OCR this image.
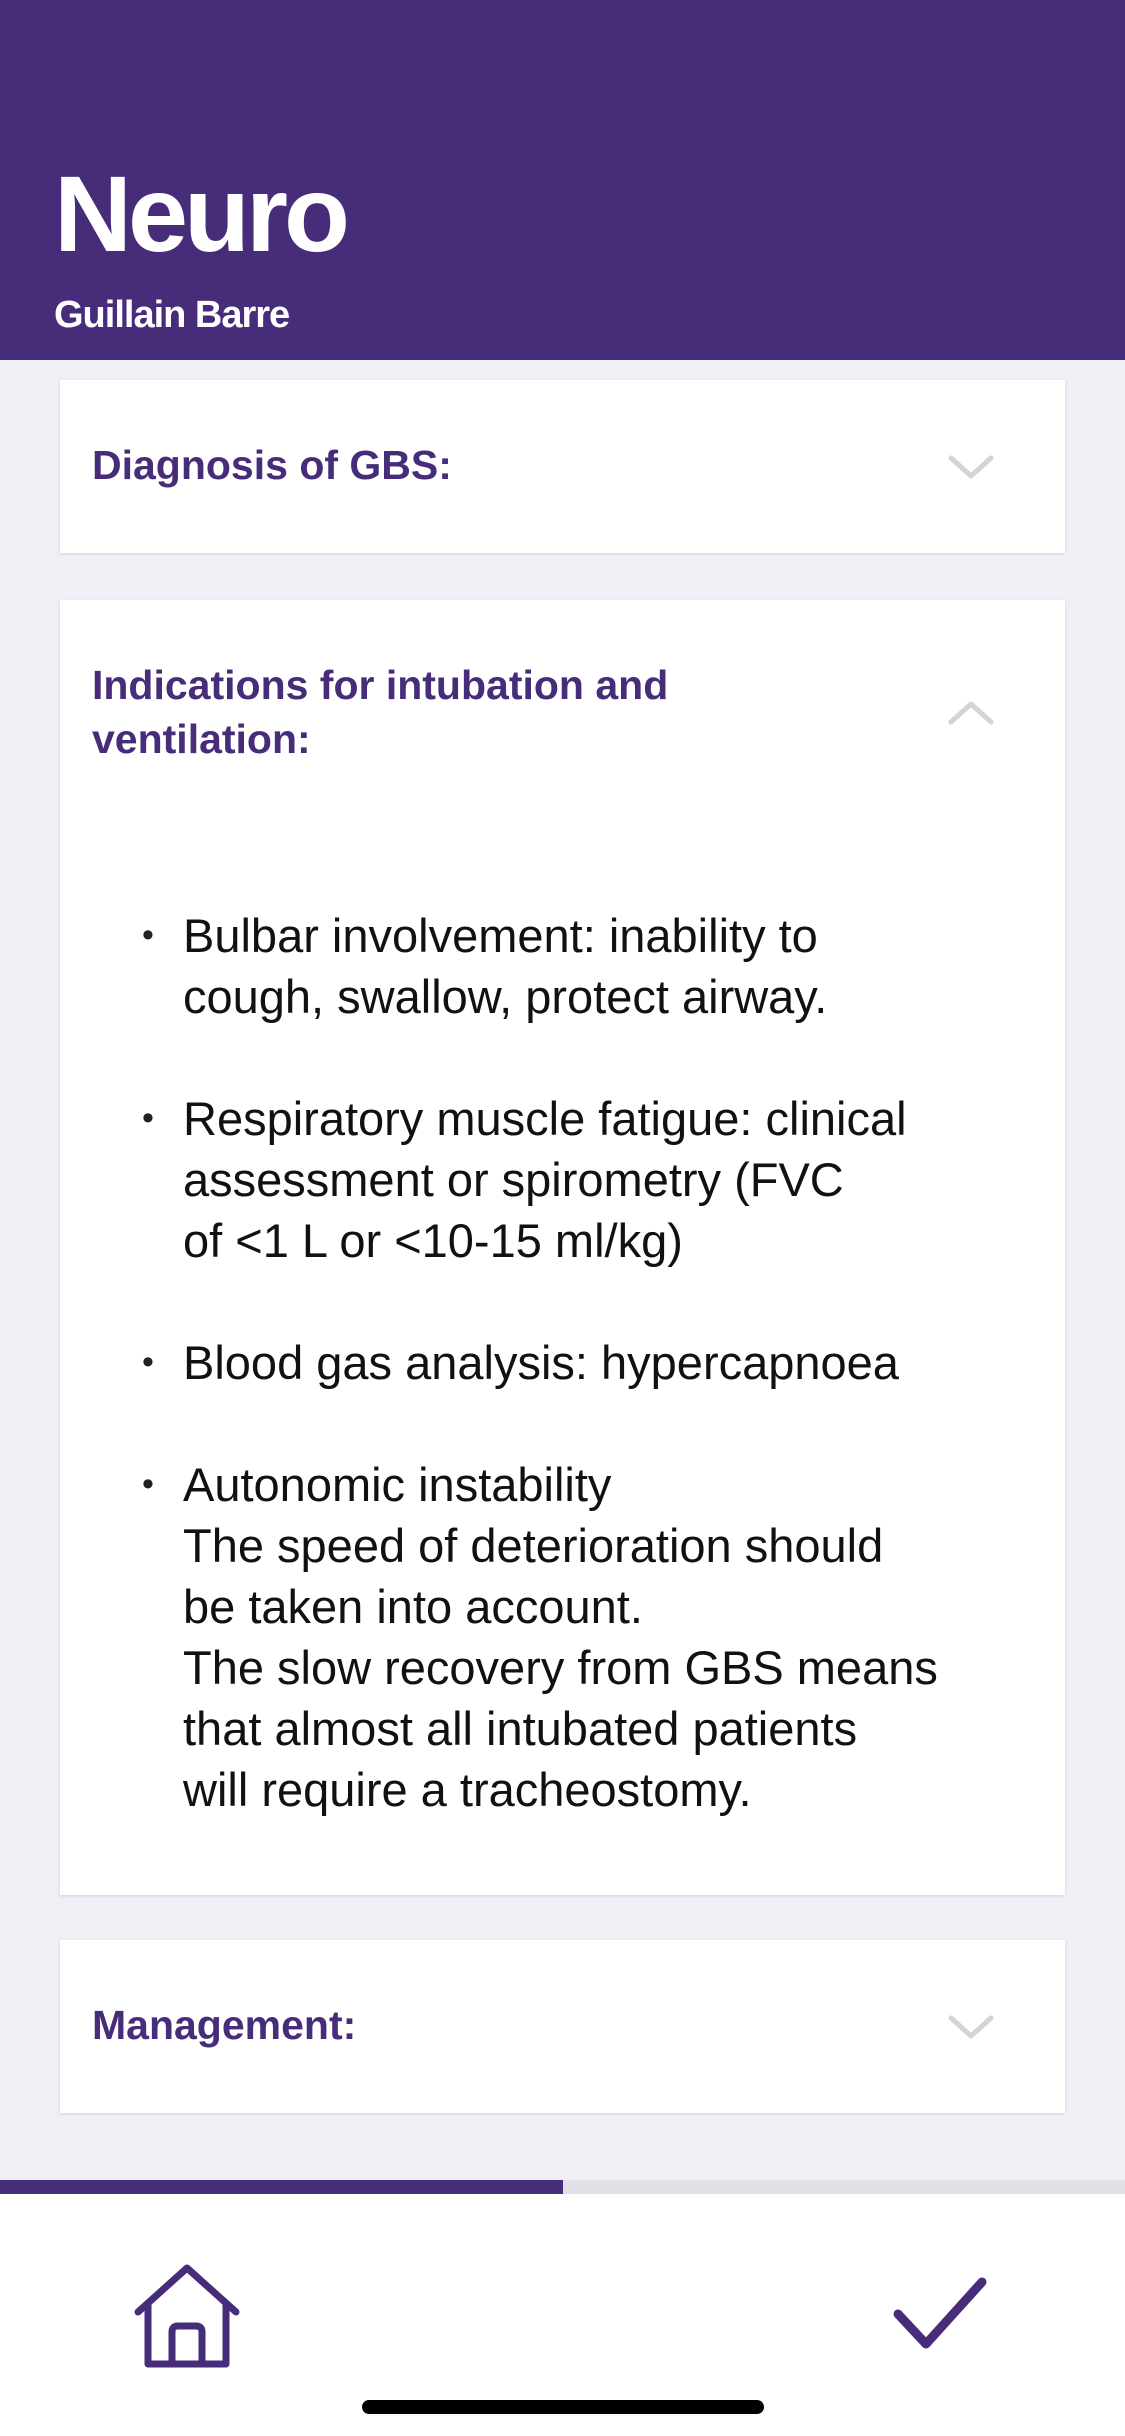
Neuro
Guillain Barre
Diagnosis of GBS:
Indications for intubation and
ventilation:
• Bulbar involvement: inability to
cough, swallow, protect airway.
• Respiratory muscle fatigue: clinical
assessment or spirometry (FVC
of <1 L or <10-15 ml/kg)
• Blood gas analysis: hypercapnoea
• Autonomic instability
The speed of deterioration should
be taken into account.
The slow recovery from GBS means
that almost all intubated patients
will require a tracheostomy.
Management:
